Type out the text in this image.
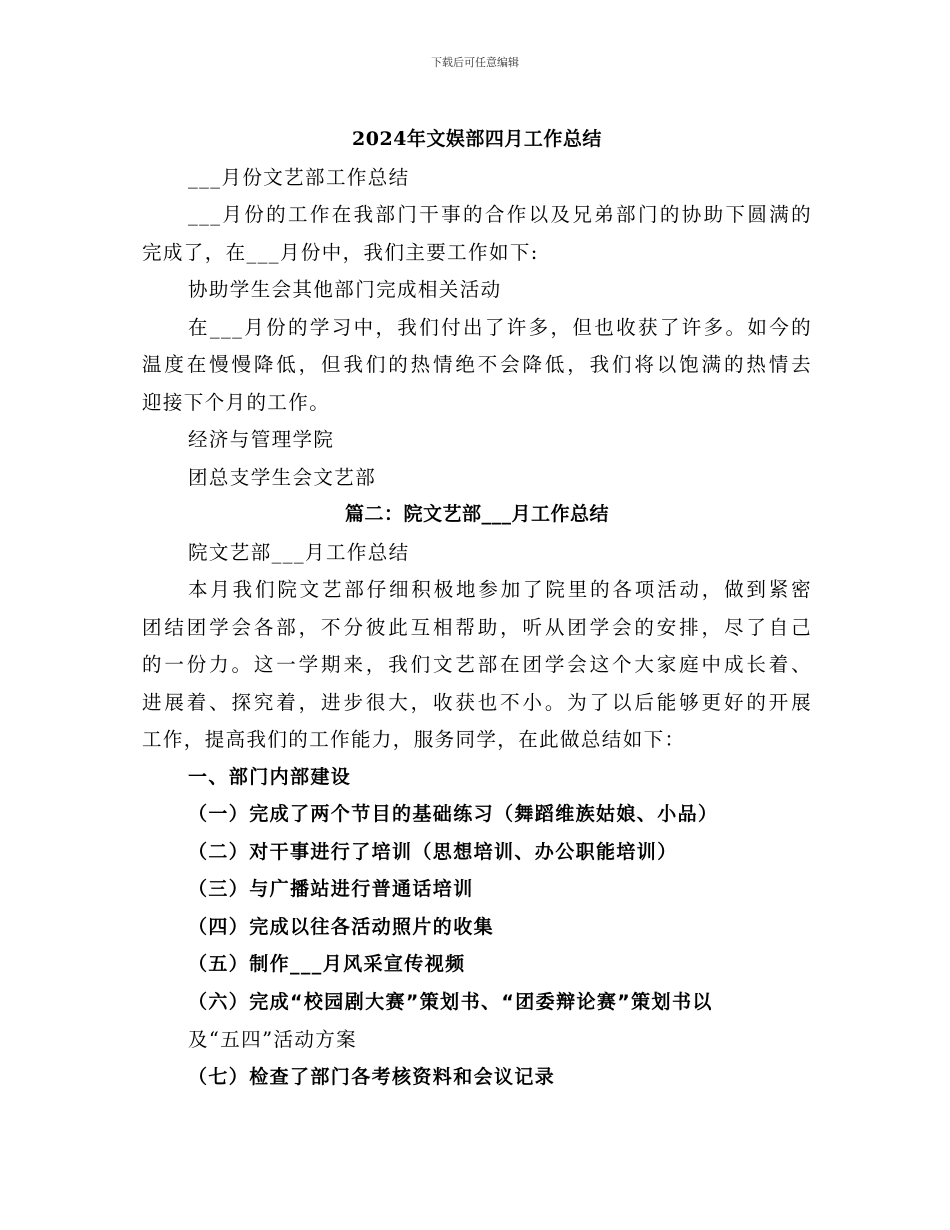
下载后可任意编辑
2024年文娱部四月工作总结
___月份文艺部工作总结
___月份的工作在我部门干事的合作以及兄弟部门的协助下圆满的
完成了，在___月份中，我们主要工作如下:
协助学生会其他部门完成相关活动
在___月份的学习中，我们付出了许多，但也收获了许多。如今的
温度在慢慢降低，但我们的热情绝不会降低，我们将以饱满的热情去
迎接下个月的工作。
经济与管理学院
团总支学生会文艺部
篇二：院文艺部___月工作总结
院文艺部___月工作总结
本月我们院文艺部仔细积极地参加了院里的各项活动，做到紧密
团结团学会各部，不分彼此互相帮助，听从团学会的安排，尽了自己
的一份力。这一学期来，我们文艺部在团学会这个大家庭中成长着、
进展着、探究着，进步很大，收获也不小。为了以后能够更好的开展
工作，提高我们的工作能力，服务同学，在此做总结如下：
一、部门内部建设
（一）完成了两个节目的基础练习（舞蹈维族姑娘、小品）
（二）对干事进行了培训（思想培训、办公职能培训）
（三）与广播站进行普通话培训
（四）完成以往各活动照片的收集
（五）制作___月风采宣传视频
（六）完成“校园剧大赛”策划书、“团委辩论赛”策划书以
及“五四”活动方案
（七）检查了部门各考核资料和会议记录
